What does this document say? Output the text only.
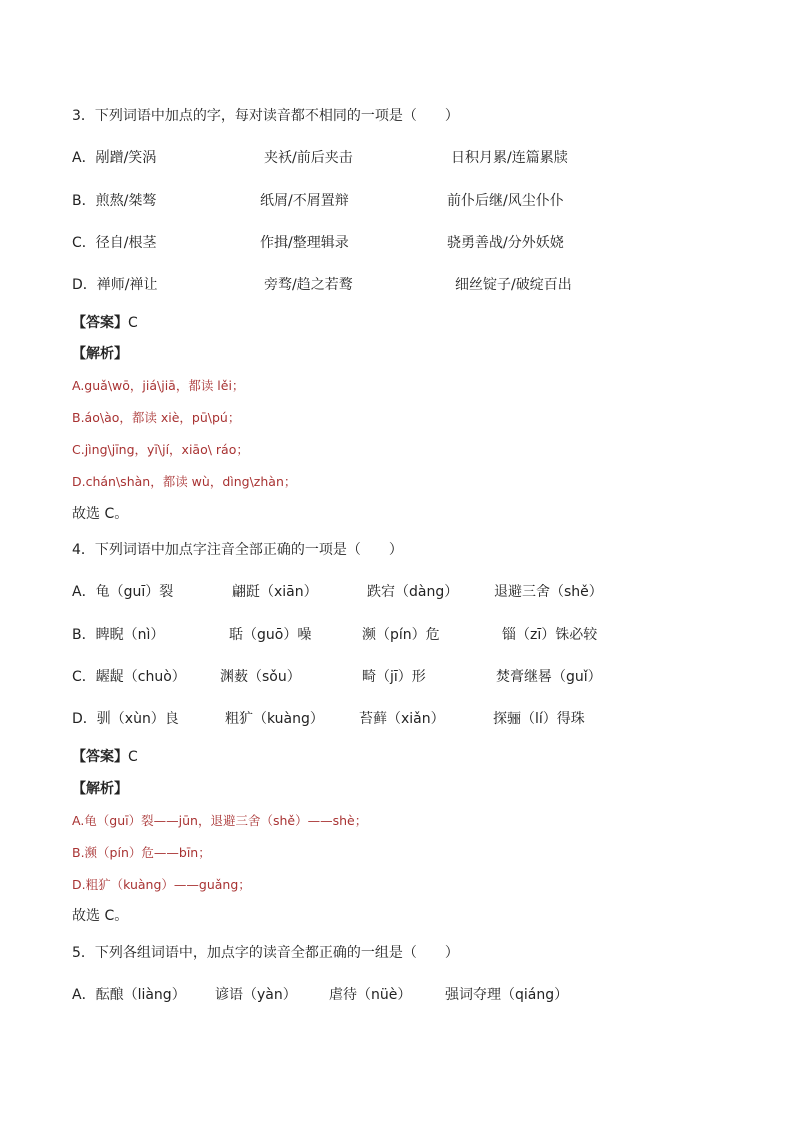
3．下列词语中加点的字，每对读音都不相同的一项是（　　）
A．剐蹭/笑涡	夹袄/前后夹击	日积月累/连篇累牍
B．煎熬/桀骜	纸屑/不屑置辩	前仆后继/风尘仆仆
C．径自/根茎	作揖/整理辑录	骁勇善战/分外妖娆
D．禅师/禅让	旁骛/趋之若鹜	细丝锭子/破绽百出
【答案】C
【解析】
A.guǎ\wō，jiá\jiā，都读 lěi；
B.áo\ào，都读 xiè，pū\pú；
C.jìng\jīng，yī\jí，xiāo\ ráo；
D.chán\shàn，都读 wù，dìng\zhàn；
故选 C。
4．下列词语中加点字注音全部正确的一项是（　　）
A．龟（guī）裂	翩跹（xiān）	跌宕（dàng）	退避三舍（shě）
B．睥睨（nì）	聒（guō）噪	濒（pín）危	锱（zī）铢必较
C．龌龊（chuò） 渊薮（sǒu）	畸（jī）形	焚膏继晷（guǐ）
D．驯（xùn）良	粗犷（kuàng）	苔藓（xiǎn）	探骊（lí）得珠
【答案】C
【解析】
A.龟（guī）裂——jūn，退避三舍（shě）——shè；
B.濒（pín）危——bīn；
D.粗犷（kuàng）——guǎng；
故选 C。
5．下列各组词语中，加点字的读音全都正确的一组是（　　）
A．酝酿（liàng） 谚语（yàn） 虐待（nüè） 强词夺理（qiáng）
